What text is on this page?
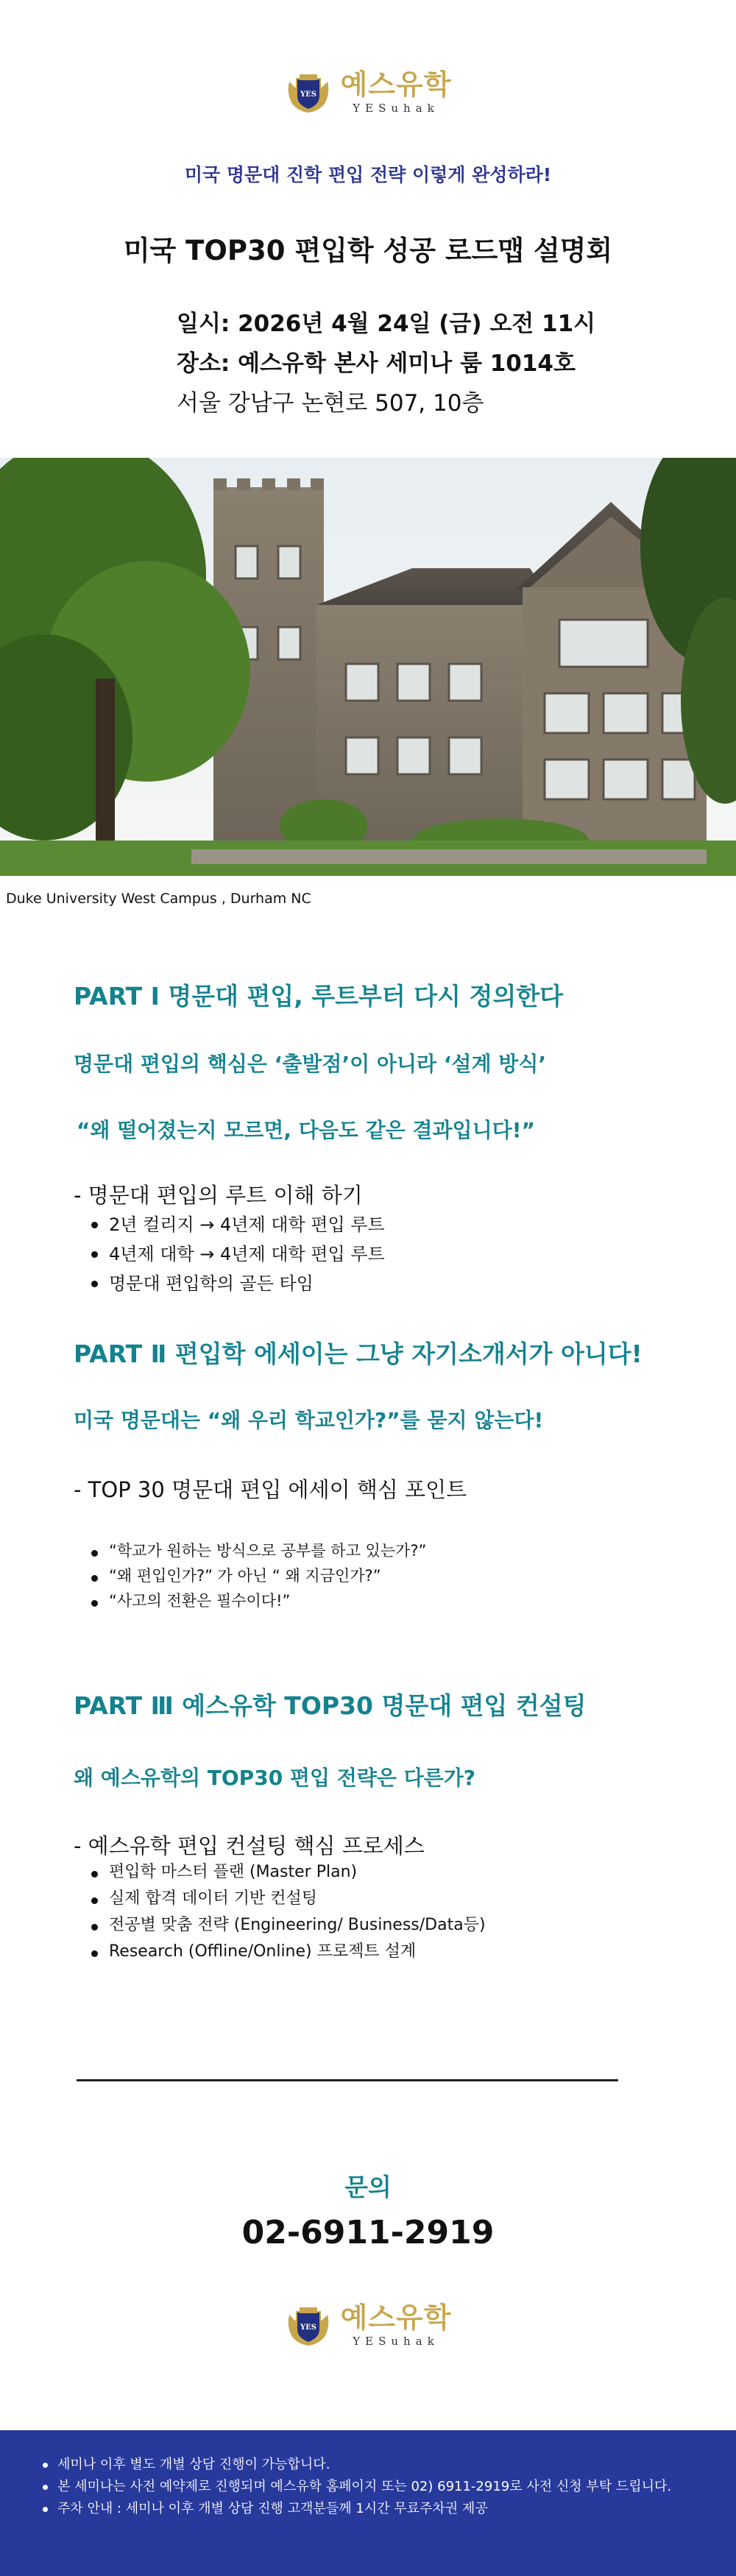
YES 예스유학
YESuhak
미국 명문대 진학 편입 전략 이렇게 완성하라!
미국 TOP30 편입학 성공 로드맵 설명회
일시: 2026년 4월 24일 (금) 오전 11시
장소: 예스유학 본사 세미나 룸 1014호
서울 강남구 논현로 507, 10층
Duke University West Campus , Durham NC
PART Ⅰ 명문대 편입, 루트부터 다시 정의한다
명문대 편입의 핵심은 ‘출발점’이 아니라 ‘설계 방식’
“왜 떨어졌는지 모르면, 다음도 같은 결과입니다!”
- 명문대 편입의 루트 이해 하기
2년 컬리지 → 4년제 대학 편입 루트
4년제 대학 → 4년제 대학 편입 루트
명문대 편입학의 골든 타임
PART Ⅱ 편입학 에세이는 그냥 자기소개서가 아니다!
미국 명문대는 “왜 우리 학교인가?”를 묻지 않는다!
- TOP 30 명문대 편입 에세이 핵심 포인트
“학교가 원하는 방식으로 공부를 하고 있는가?”
“왜 편입인가?” 가 아닌 “ 왜 지금인가?”
“사고의 전환은 필수이다!”
PART Ⅲ 예스유학 TOP30 명문대 편입 컨설팅
왜 예스유학의 TOP30 편입 전략은 다른가?
- 예스유학 편입 컨설팅 핵심 프로세스
편입학 마스터 플랜 (Master Plan)
실제 합격 데이터 기반 컨설팅
전공별 맞춤 전략 (Engineering/ Business/Data등)
Research (Offline/Online) 프로젝트 설계
문의
02-6911-2919
YES 예스유학
YESuhak
세미나 이후 별도 개별 상담 진행이 가능합니다.
본 세미나는 사전 예약제로 진행되며 예스유학 홈페이지 또는 02) 6911-2919로 사전 신청 부탁 드립니다.
주차 안내 : 세미나 이후 개별 상담 진행 고객분들께 1시간 무료주차권 제공
